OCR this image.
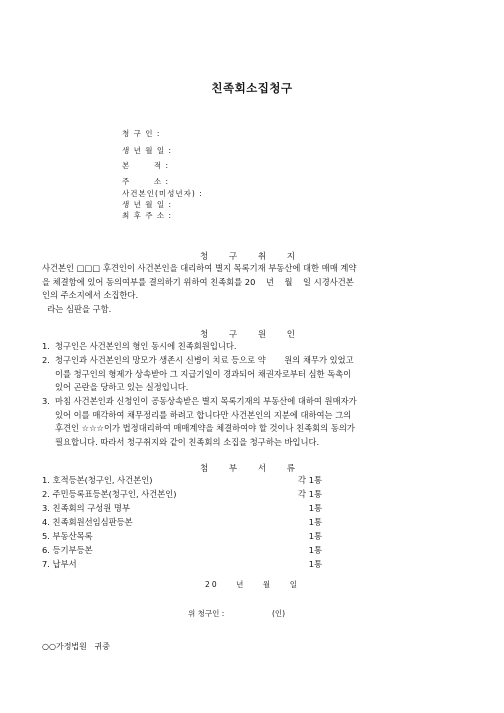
친족회소집청구
청 구 인 :
생 년 월 일 :
본       적 :
주       소 :
사건본인(미성년자) :
생 년 월 일 :
최 후 주 소 :
청 구 취 지
사건본인 □□□ 후견인이 사건본인을 대리하여 별지 목록기재 부동산에 대한 매매 계약
을 체결함에 있어 동의여부를 결의하기 위하여 친족회를 20    년    월    일 시경사건본
인의 주소지에서 소집한다.
라는 심판을 구함.
청 구 원 인
1. 청구인은 사건본인의 형인 동시에 친족회원입니다.
2. 청구인과 사건본인의 망모가 생존시 신병이 치료 등으로 약       원의 채무가 있었고
이를 청구인의 형제가 상속받아 그 지급기일이 경과되어 채권자로부터 심한 독촉이
있어 곤란을 당하고 있는 실정입니다.
3. 마침 사건본인과 신청인이 공동상속받은 별지 목록기재의 부동산에 대하여 원매자가
있어 이를 매각하여 채무정리를 하려고 합니다만 사건본인의 지분에 대하여는 그의
후견인 ☆☆☆이가 법정대리하여 매매계약을 체결하여야 할 것이나 친족회의 동의가
필요합니다. 따라서 청구취지와 같이 친족회의 소집을 청구하는 바입니다.
첨 부 서 류
1. 호적등본(청구인, 사건본인)	각 1통
2. 주민등록표등본(청구인, 사건본인)	각 1통
3. 친족회의 구성원 명부	1통
4. 친족회원선임심판등본	1통
5. 부동산목록	1통
6. 등기부등본	1통
7. 납부서	1통
20    년    월    일
위 청구인 :                    (인)
○○가정법원   귀중
